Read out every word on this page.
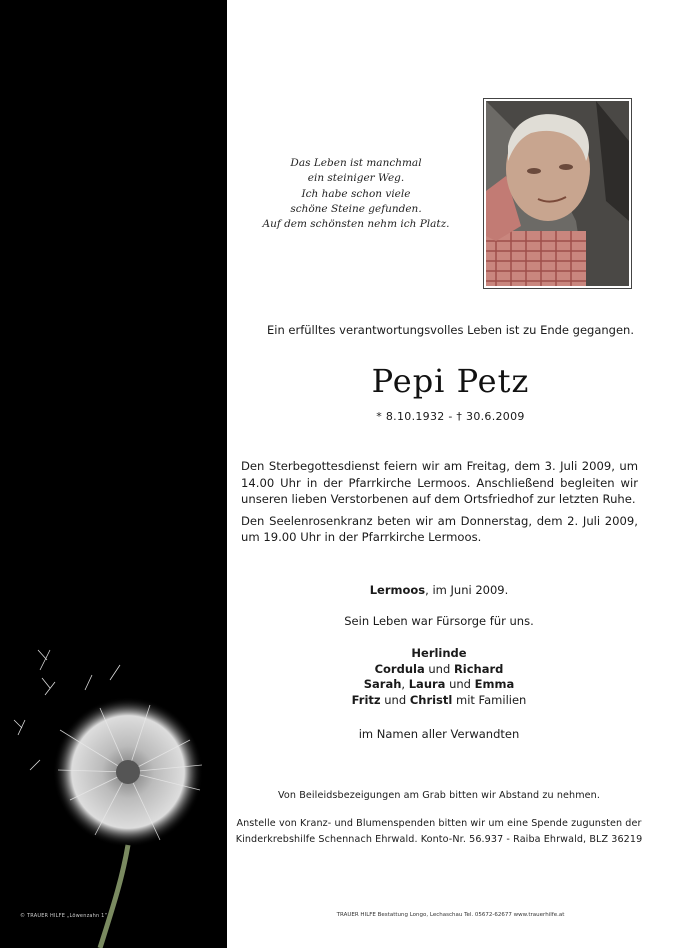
© TRAUER HILFE „Löwenzahn 1“
Das Leben ist manchmal
ein steiniger Weg.
Ich habe schon viele
schöne Steine gefunden.
Auf dem schönsten nehm ich Platz.
Ein erfülltes verantwortungsvolles Leben ist zu Ende gegangen.
Pepi Petz
* 8.10.1932 - † 30.6.2009

Den Sterbegottesdienst feiern wir am Freitag, dem 3. Juli 2009, um 14.00 Uhr in der Pfarrkirche Lermoos. Anschließend begleiten wir unseren lieben Verstorbenen auf dem Ortsfriedhof zur letzten Ruhe.

Den Seelenrosenkranz beten wir am Donnerstag, dem 2. Juli 2009, um 19.00 Uhr in der Pfarrkirche Lermoos.

Lermoos, im Juni 2009.
Sein Leben war Fürsorge für uns.
Herlinde
Cordula und Richard
Sarah, Laura und Emma
Fritz und Christl mit Familien
im Namen aller Verwandten
Von Beileidsbezeigungen am Grab bitten wir Abstand zu nehmen.
Anstelle von Kranz- und Blumenspenden bitten wir um eine Spende zugunsten der
Kinderkrebshilfe Schennach Ehrwald. Konto-Nr. 56.937 - Raiba Ehrwald, BLZ 36219
TRAUER HILFE Bestattung Longo, Lechaschau Tel. 05672-62677 www.trauerhilfe.at
